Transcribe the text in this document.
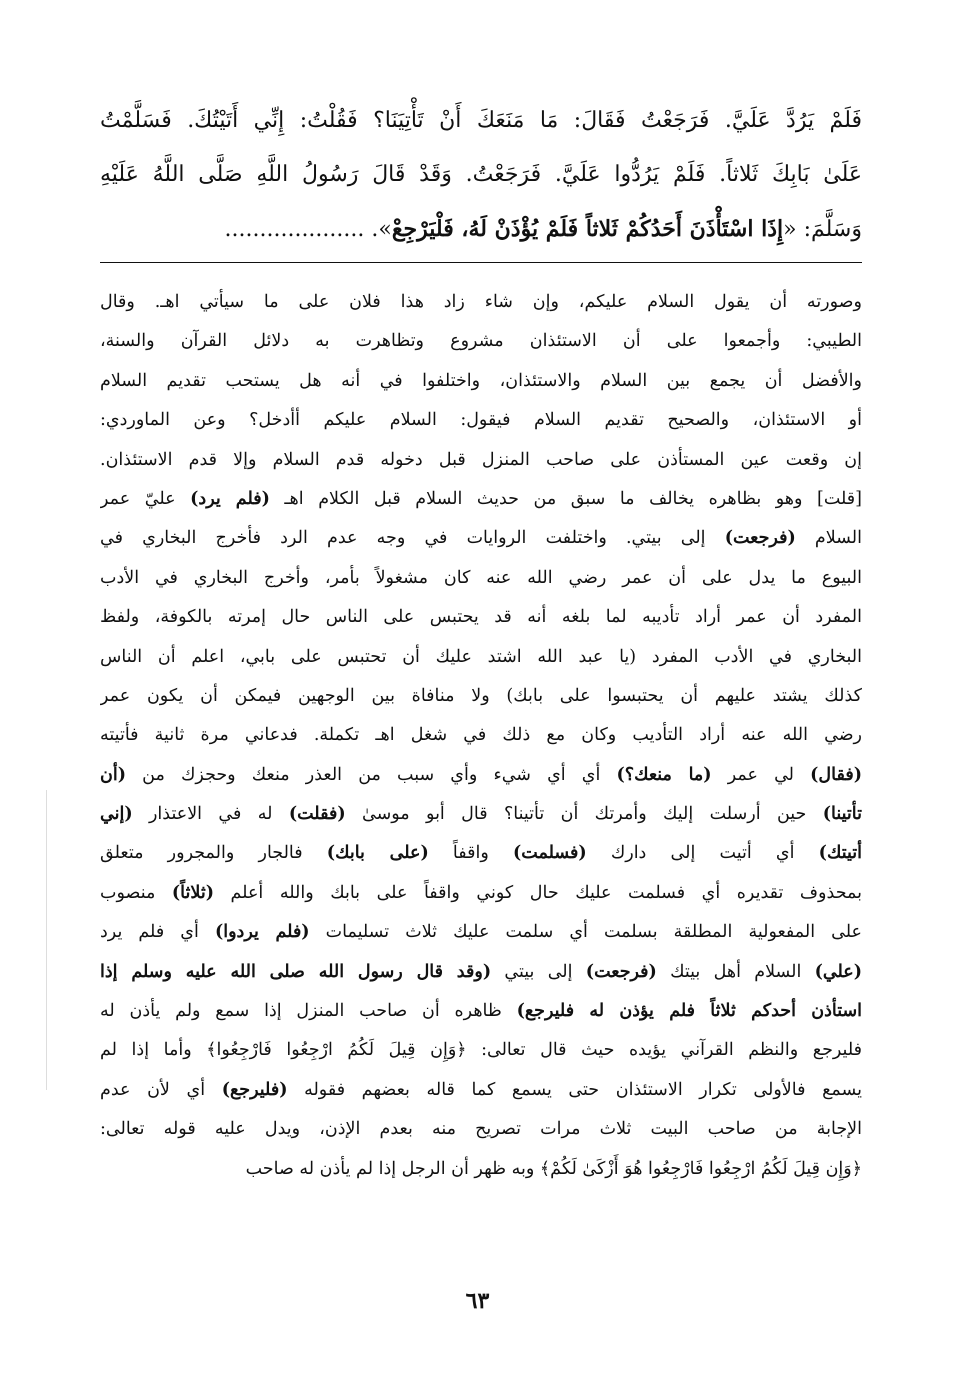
فَلَمْ يَرُدَّ عَلَيَّ. فَرَجَعْتُ فَقَالَ: مَا مَنَعَكَ أَنْ تَأْتِيَنَا؟ فَقُلْتُ: إِنِّي أَتَيْتُكَ. فَسَلَّمْتُ
عَلَىٰ بَابِكَ ثَلاثاً. فَلَمْ يَرُدُّوا عَلَيَّ. فَرَجَعْتُ. وَقَدْ قَالَ رَسُولُ اللَّهِ صَلَّى اللَّهُ عَلَيْهِ
وَسَلَّمَ: «إِذَا اسْتَأْذَنَ أَحَدُكُمْ ثَلاثاً فَلَمْ يُؤْذَنْ لَهُ، فَلْيَرْجِعْ». ....................
وصورته أن يقول السلام عليكم، وإن شاء زاد هذا فلان على ما سيأتي اهـ. وقال
الطيبي: وأجمعوا على أن الاستئذان مشروع وتظاهرت به دلائل القرآن والسنة،
والأفضل أن يجمع بين السلام والاستئذان، واختلفوا في أنه هل يستحب تقديم السلام
أو الاستئذان، والصحيح تقديم السلام فيقول: السلام عليكم أأدخل؟ وعن الماوردي:
إن وقعت عين المستأذن على صاحب المنزل قبل دخوله قدم السلام وإلا قدم الاستئذان.
[قلت] وهو بظاهره يخالف ما سبق من حديث السلام قبل الكلام اهـ (فلم يرد) عليّ عمر
السلام (فرجعت) إلى بيتي. واختلفت الروايات في وجه عدم الرد فأخرج البخاري في
البيوع ما يدل على أن عمر رضي الله عنه كان مشغولاً بأمر، وأخرج البخاري في الأدب
المفرد أن عمر أراد تأديبه لما بلغه أنه قد يحتبس على الناس حال إمرته بالكوفة، ولفظ
البخاري في الأدب المفرد (يا عبد الله اشتد عليك أن تحتبس على بابي، اعلم أن الناس
كذلك يشتد عليهم أن يحتبسوا على بابك) ولا منافاة بين الوجهين فيمكن أن يكون عمر
رضي الله عنه أراد التأديب وكان مع ذلك في شغل اهـ تكملة. فدعاني مرة ثانية فأتيته
(فقال) لي عمر (ما منعك؟) أي أي شيء وأي سبب من العذر منعك وحجزك من (أن
تأتينا) حين أرسلت إليك وأمرتك أن تأتينا؟ قال أبو موسىٰ (فقلت) له في الاعتذار (إني
أتيتك) أي أتيت إلى دارك (فسلمت) واقفاً (على بابك) فالجار والمجرور متعلق
بمحذوف تقديره أي فسلمت عليك حال كوني واقفاً على بابك والله أعلم (ثلاثاً) منصوب
على المفعولية المطلقة بسلمت أي سلمت عليك ثلاث تسليمات (فلم يردوا) أي فلم يرد
(علي) السلام أهل بيتك (فرجعت) إلى بيتي (وقد قال رسول الله صلى الله عليه وسلم إذا
استأذن أحدكم ثلاثاً فلم يؤذن له فليرجع) ظاهره أن صاحب المنزل إذا سمع ولم يأذن له
فليرجع والنظم القرآني يؤيده حيث قال تعالى: ﴿وَإِن قِيلَ لَكُمُ ارْجِعُوا فَارْجِعُوا﴾ وأما إذا لم
يسمع فالأولى تكرار الاستئذان حتى يسمع كما قاله بعضهم فقوله (فليرجع) أي لأن عدم
الإجابة من صاحب البيت ثلاث مرات تصريح منه بعدم الإذن، ويدل عليه قوله تعالى:
﴿وَإِن قِيلَ لَكُمُ ارْجِعُوا فَارْجِعُوا هُوَ أَزْكَىٰ لَكُمْ﴾ وبه ظهر أن الرجل إذا لم يأذن له صاحب
٦٣
